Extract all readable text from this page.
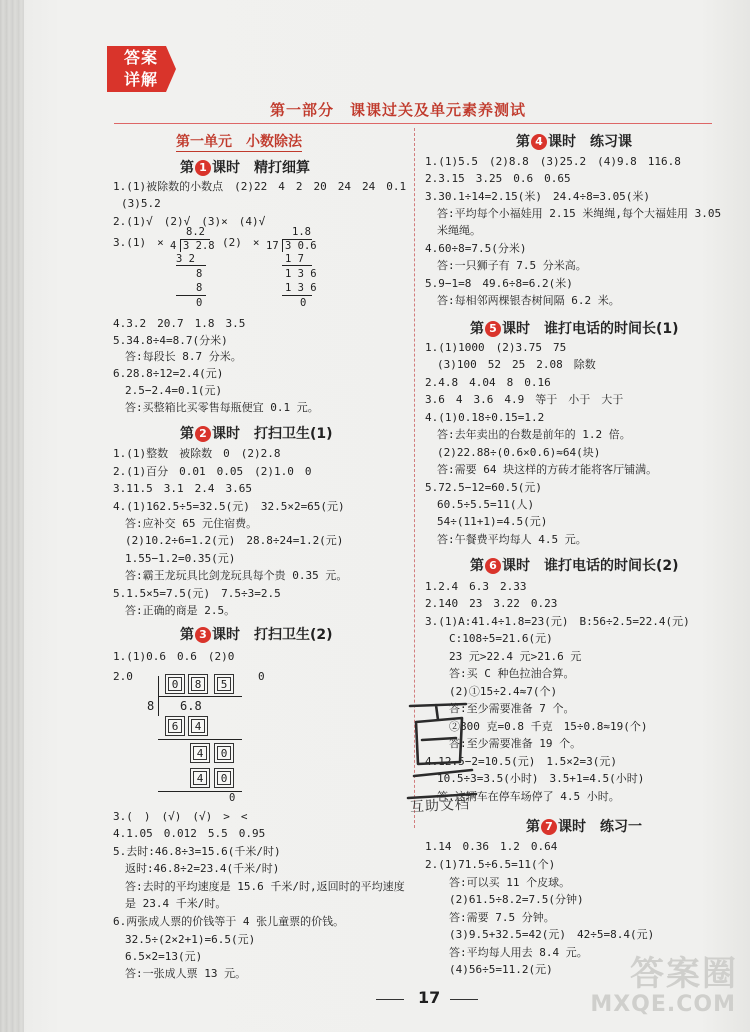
答案
详解
第一部分　课课过关及单元素养测试
第一单元　小数除法
第 1 课时　精打细算
第 2 课时　打扫卫生(1)
第 3 课时　打扫卫生(2)
第 4 课时　练习课
第 5 课时　谁打电话的时间长(1)
第 6 课时　谁打电话的时间长(2)
第 7 课时　练习一
1.(1)被除数的小数点　(2)22　4　2　20　24　24　0.1
(3)5.2
2.(1)√　(2)√　(3)×　(4)√
3.(1)　×	(2)　×
8.2
4 3 2.8
3 2
8
8
0
1.8
17 3 0.6
1 7
1 3 6
1 3 6
0
4.3.2　20.7　1.8　3.5
5.34.8÷4=8.7(分米)
答:每段长 8.7 分米。
6.28.8÷12=2.4(元)
2.5−2.4=0.1(元)
答:买整箱比买零售每瓶便宜 0.1 元。
1.(1)整数　被除数　0　(2)2.8
2.(1)百分　0.01　0.05　(2)1.0　0
3.11.5　3.1　2.4　3.65
4.(1)162.5÷5=32.5(元)　32.5×2=65(元)
答:应补交 65 元住宿费。
(2)10.2÷6=1.2(元)　28.8÷24=1.2(元)
1.55−1.2=0.35(元)
答:霸王龙玩具比剑龙玩具每个贵 0.35 元。
5.1.5×5=7.5(元)　7.5÷3=2.5
答:正确的商是 2.5。
1.(1)0.6　0.6　(2)0
2.0	0
0	8	5
8 6.8
6	4
4	0
4	0
0
3.(　)　(√)　(√)　>　<
4.1.05　0.012　5.5　0.95
5.去时:46.8÷3=15.6(千米/时)
返时:46.8÷2=23.4(千米/时)
答:去时的平均速度是 15.6 千米/时,返回时的平均速度
是 23.4 千米/时。
6.两张成人票的价钱等于 4 张儿童票的价钱。
32.5÷(2×2+1)=6.5(元)
6.5×2=13(元)
答:一张成人票 13 元。
1.(1)5.5　(2)8.8　(3)25.2　(4)9.8　116.8
2.3.15　3.25　0.6　0.65
3.30.1÷14=2.15(米)　24.4÷8=3.05(米)
答:平均每个小福娃用 2.15 米绳绳,每个大福娃用 3.05
米绳绳。
4.60÷8=7.5(分米)
答:一只狮子有 7.5 分米高。
5.9−1=8　49.6÷8=6.2(米)
答:每相邻两棵银杏树间隔 6.2 米。
1.(1)1000　(2)3.75　75
(3)100　52　25　2.08　除数
2.4.8　4.04　8　0.16
3.6　4　3.6　4.9　等于　小于　大于
4.(1)0.18÷0.15=1.2
答:去年卖出的台数是前年的 1.2 倍。
(2)22.88÷(0.6×0.6)≈64(块)
答:需要 64 块这样的方砖才能将客厅铺满。
5.72.5−12=60.5(元)
60.5÷5.5=11(人)
54÷(11+1)=4.5(元)
答:午餐费平均每人 4.5 元。
1.2.4　6.3　2.33
2.140　23　3.22　0.23
3.(1)A:41.4÷1.8=23(元)　B:56÷2.5=22.4(元)
C:108÷5=21.6(元)
23 元>22.4 元>21.6 元
答:买 C 种色拉油合算。
(2)①15÷2.4≈7(个)
答:至少需要准备 7 个。
②800 克=0.8 千克　15÷0.8≈19(个)
答:至少需要准备 19 个。
4.12.5−2=10.5(元)　1.5×2=3(元)
10.5÷3=3.5(小时)　3.5+1=4.5(小时)
答:这辆车在停车场停了 4.5 小时。
1.14　0.36　1.2　0.64
2.(1)71.5÷6.5=11(个)
答:可以买 11 个皮球。
(2)61.5÷8.2=7.5(分钟)
答:需要 7.5 分钟。
(3)9.5+32.5=42(元)　42÷5=8.4(元)
答:平均每人用去 8.4 元。
(4)56÷5=11.2(元)
互助文档
17
答案圈
MXQE.COM
